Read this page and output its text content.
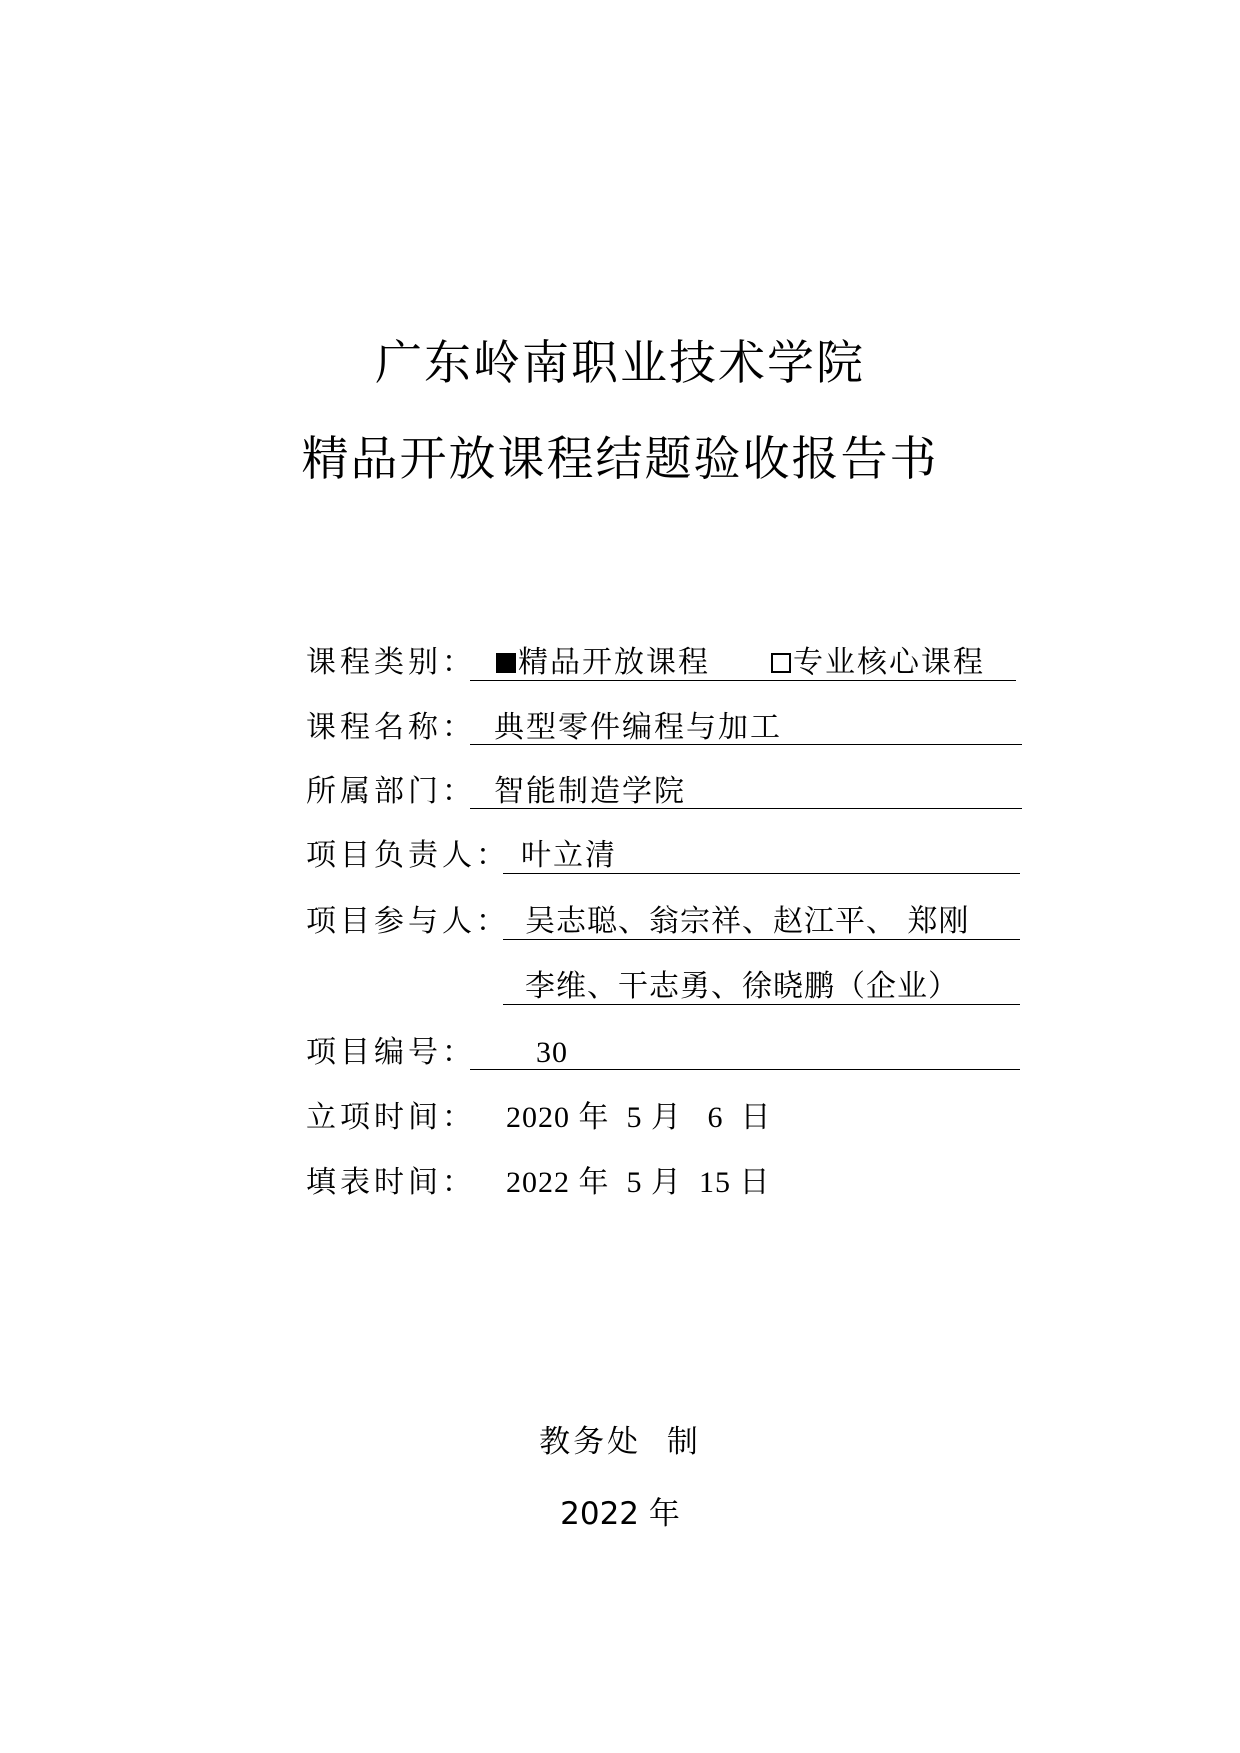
广东岭南职业技术学院
精品开放课程结题验收报告书
课程类别：	精品开放课程	专业核心课程
课程名称： 典型零件编程与加工
所属部门： 智能制造学院
项目负责人： 叶立清
项目参与人： 吴志聪、翁宗祥、赵江平、 郑刚
李维、干志勇、徐晓鹏（企业）
项目编号： 30
立项时间： 2020 年  5 月   6  日
填表时间： 2022 年  5 月  15 日
教务处  制
2022 年
